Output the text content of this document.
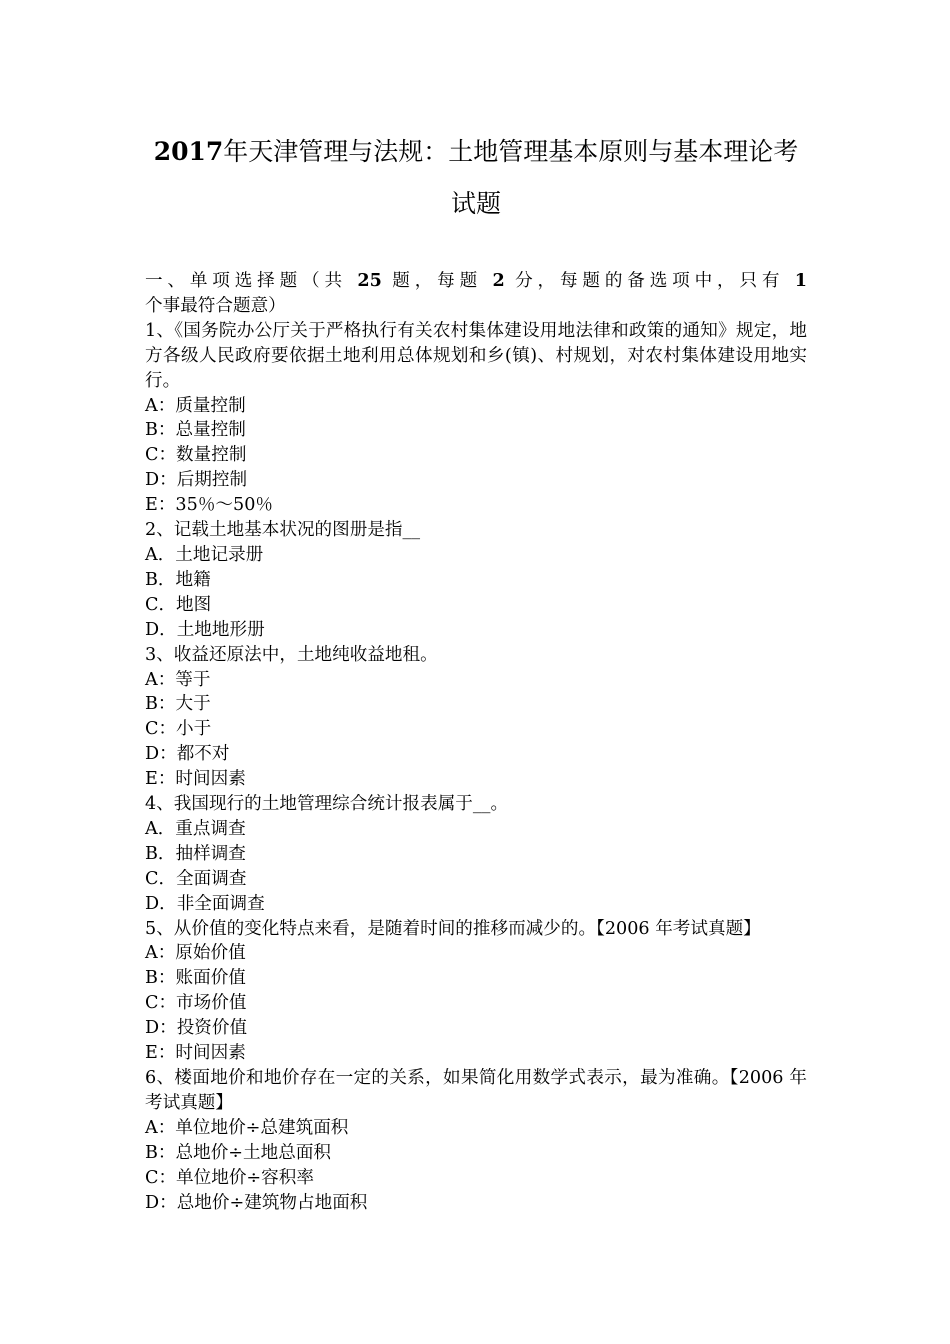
2017年天津管理与法规：土地管理基本原则与基本理论考
试题
一、单项选择题（共 25 题，每题 2 分，每题的备选项中，只有 1 个事最符合题意）
1、《国务院办公厅关于严格执行有关农村集体建设用地法律和政策的通知》规定，地方各级人民政府要依据土地利用总体规划和乡(镇)、村规划，对农村集体建设用地实行。
A：质量控制
B：总量控制
C：数量控制
D：后期控制
E：35％～50％
2、记载土地基本状况的图册是指__
A．土地记录册
B．地籍
C．地图
D．土地地形册
3、收益还原法中，土地纯收益地租。
A：等于
B：大于
C：小于
D：都不对
E：时间因素
4、我国现行的土地管理综合统计报表属于__。
A．重点调查
B．抽样调查
C．全面调查
D．非全面调查
5、从价值的变化特点来看，是随着时间的推移而减少的。【2006 年考试真题】
A：原始价值
B：账面价值
C：市场价值
D：投资价值
E：时间因素
6、楼面地价和地价存在一定的关系，如果简化用数学式表示，最为准确。【2006 年考试真题】
A：单位地价÷总建筑面积
B：总地价÷土地总面积
C：单位地价÷容积率
D：总地价÷建筑物占地面积
